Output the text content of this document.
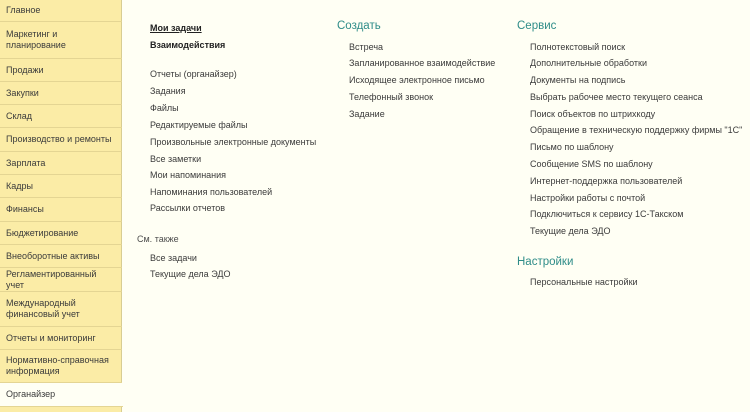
Главное
Маркетинг и планирование
Продажи
Закупки
Склад
Производство и ремонты
Зарплата
Кадры
Финансы
Бюджетирование
Внеоборотные активы
Регламентированный учет
Международный финансовый учет
Отчеты и мониторинг
Нормативно-справочная информация
Органайзер
Мои задачи
Взаимодействия
Отчеты (органайзер)
Задания
Файлы
Редактируемые файлы
Произвольные электронные документы
Все заметки
Мои напоминания
Напоминания пользователей
Рассылки отчетов
См. также
Все задачи
Текущие дела ЭДО
Создать
Встреча
Запланированное взаимодействие
Исходящее электронное письмо
Телефонный звонок
Задание
Сервис
Полнотекстовый поиск
Дополнительные обработки
Документы на подпись
Выбрать рабочее место текущего сеанса
Поиск объектов по штрихкоду
Обращение в техническую поддержку фирмы "1С"
Письмо по шаблону
Сообщение SMS по шаблону
Интернет-поддержка пользователей
Настройки работы с почтой
Подключиться к сервису 1С-Такском
Текущие дела ЭДО
Настройки
Персональные настройки
